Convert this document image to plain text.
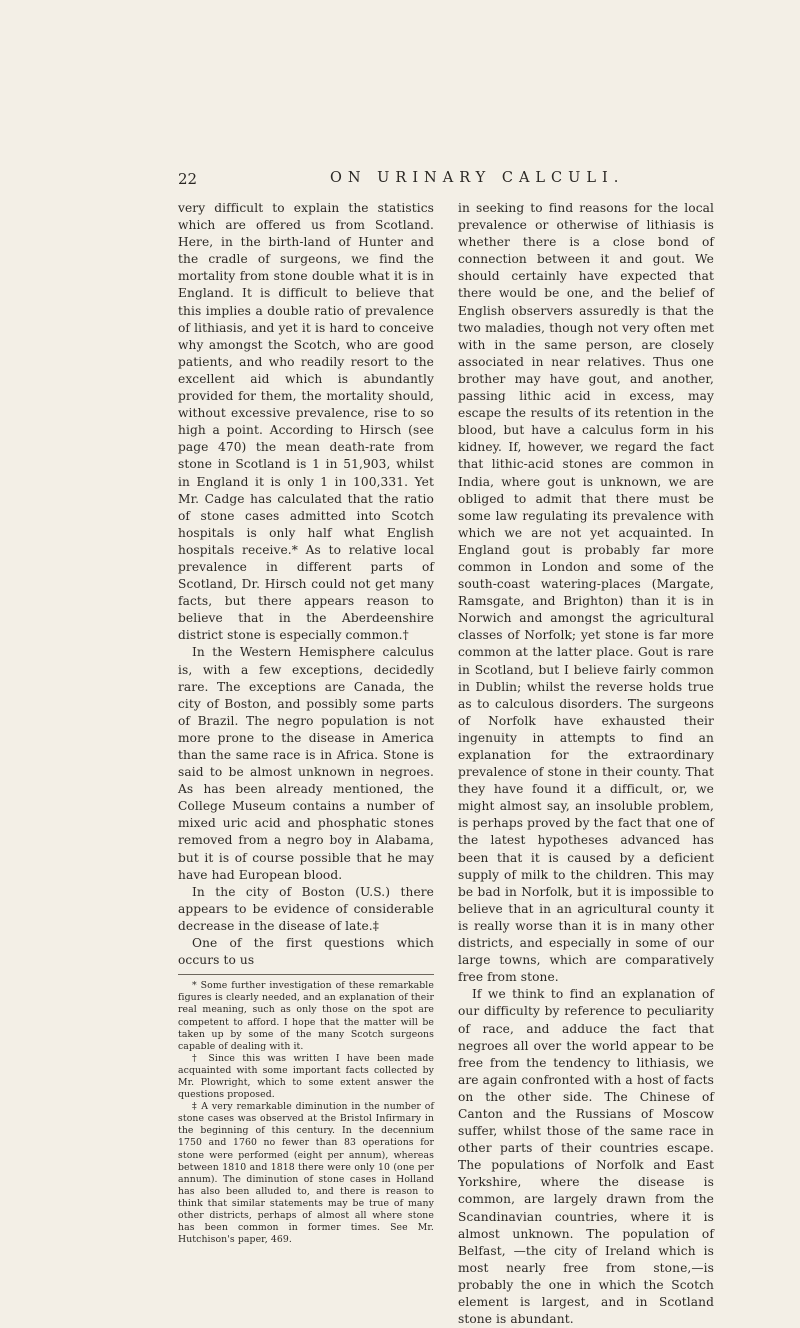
22	ON URINARY CALCULI.

very difficult to explain the statistics which are offered us from Scotland. Here, in the birth-land of Hunter and the cradle of surgeons, we find the mortality from stone double what it is in England. It is difficult to believe that this implies a double ratio of prevalence of lithiasis, and yet it is hard to conceive why amongst the Scotch, who are good patients, and who readily resort to the excellent aid which is abundantly provided for them, the mortality should, without excessive prevalence, rise to so high a point. According to Hirsch (see page 470) the mean death-rate from stone in Scotland is 1 in 51,903, whilst in England it is only 1 in 100,331. Yet Mr. Cadge has calculated that the ratio of stone cases admitted into Scotch hospitals is only half what English hospitals receive.* As to relative local prevalence in different parts of Scotland, Dr. Hirsch could not get many facts, but there appears reason to believe that in the Aberdeenshire district stone is especially common.†

In the Western Hemisphere calculus is, with a few exceptions, decidedly rare. The exceptions are Canada, the city of Boston, and possibly some parts of Brazil. The negro population is not more prone to the disease in America than the same race is in Africa. Stone is said to be almost unknown in negroes. As has been already mentioned, the College Museum contains a number of mixed uric acid and phosphatic stones removed from a negro boy in Alabama, but it is of course possible that he may have had European blood.

In the city of Boston (U.S.) there appears to be evidence of considerable decrease in the disease of late.‡

One of the first questions which occurs to us

* Some further investigation of these remarkable figures is clearly needed, and an explanation of their real meaning, such as only those on the spot are competent to afford. I hope that the matter will be taken up by some of the many Scotch surgeons capable of dealing with it.

† Since this was written I have been made acquainted with some important facts collected by Mr. Plowright, which to some extent answer the questions proposed.

‡ A very remarkable diminution in the number of stone cases was observed at the Bristol Infirmary in the beginning of this century. In the decennium 1750 and 1760 no fewer than 83 operations for stone were performed (eight per annum), whereas between 1810 and 1818 there were only 10 (one per annum). The diminution of stone cases in Holland has also been alluded to, and there is reason to think that similar statements may be true of many other districts, perhaps of almost all where stone has been common in former times. See Mr. Hutchison's paper, 469.

in seeking to find reasons for the local prevalence or otherwise of lithiasis is whether there is a close bond of connection between it and gout. We should certainly have expected that there would be one, and the belief of English observers assuredly is that the two maladies, though not very often met with in the same person, are closely associated in near relatives. Thus one brother may have gout, and another, passing lithic acid in excess, may escape the results of its retention in the blood, but have a calculus form in his kidney. If, however, we regard the fact that lithic-acid stones are common in India, where gout is unknown, we are obliged to admit that there must be some law regulating its prevalence with which we are not yet acquainted. In England gout is probably far more common in London and some of the south-coast watering-places (Margate, Ramsgate, and Brighton) than it is in Norwich and amongst the agricultural classes of Norfolk; yet stone is far more common at the latter place. Gout is rare in Scotland, but I believe fairly common in Dublin; whilst the reverse holds true as to calculous disorders. The surgeons of Norfolk have exhausted their ingenuity in attempts to find an explanation for the extraordinary prevalence of stone in their county. That they have found it a difficult, or, we might almost say, an insoluble problem, is perhaps proved by the fact that one of the latest hypotheses advanced has been that it is caused by a deficient supply of milk to the children. This may be bad in Norfolk, but it is impossible to believe that in an agricultural county it is really worse than it is in many other districts, and especially in some of our large towns, which are comparatively free from stone.

If we think to find an explanation of our difficulty by reference to peculiarity of race, and adduce the fact that negroes all over the world appear to be free from the tendency to lithiasis, we are again confronted with a host of facts on the other side. The Chinese of Canton and the Russians of Moscow suffer, whilst those of the same race in other parts of their countries escape. The populations of Norfolk and East Yorkshire, where the disease is common, are largely drawn from the Scandinavian countries, where it is almost unknown. The population of Belfast, —the city of Ireland which is most nearly free from stone,—is probably the one in which the Scotch element is largest, and in Scotland stone is abundant.
